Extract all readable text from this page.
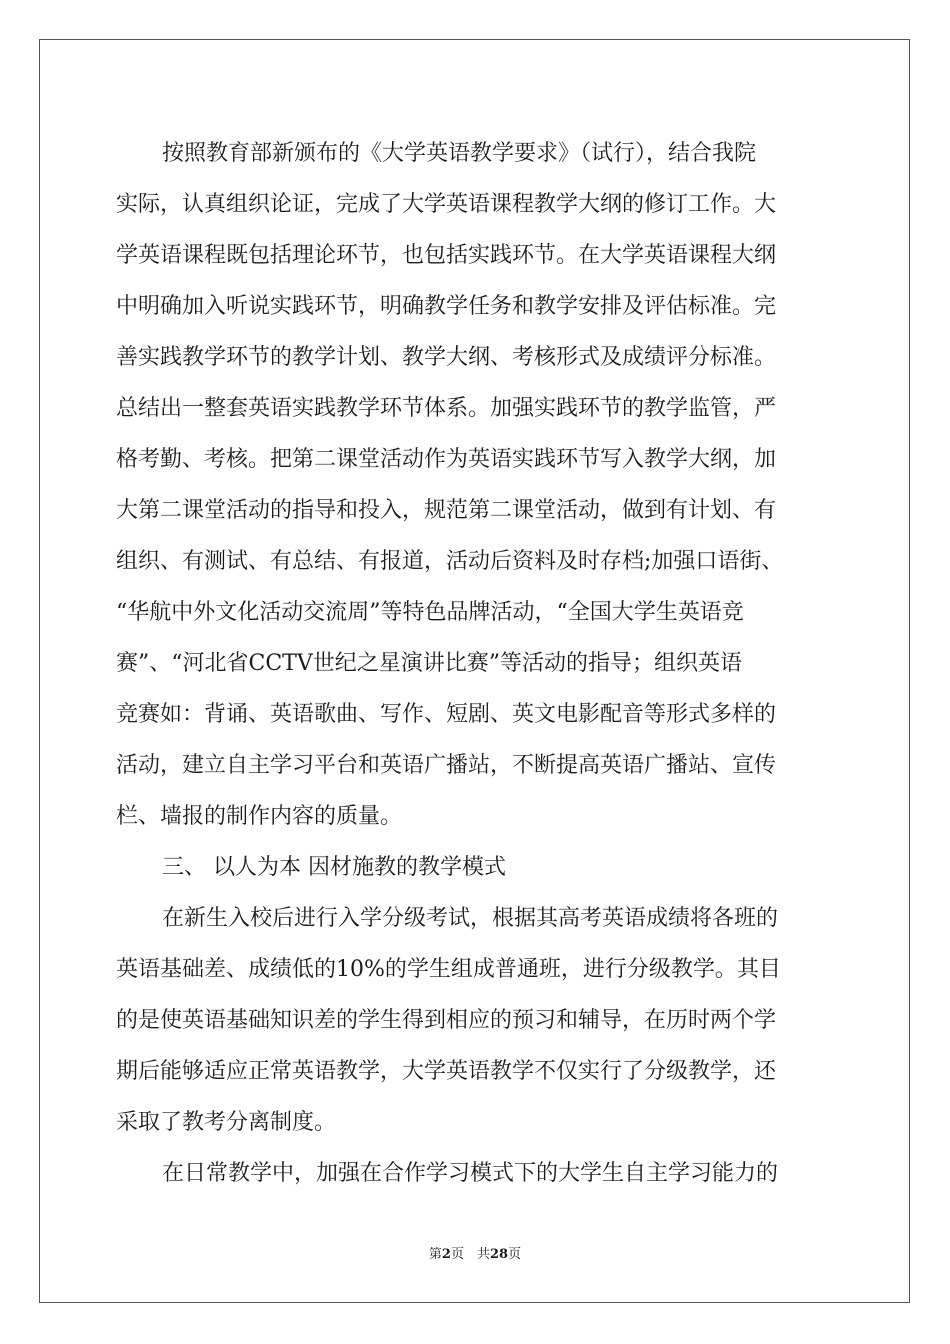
按照教育部新颁布的《大学英语教学要求》（试行），结合我院
实际，认真组织论证，完成了大学英语课程教学大纲的修订工作。大
学英语课程既包括理论环节，也包括实践环节。在大学英语课程大纲
中明确加入听说实践环节，明确教学任务和教学安排及评估标准。完
善实践教学环节的教学计划、教学大纲、考核形式及成绩评分标准。
总结出一整套英语实践教学环节体系。加强实践环节的教学监管，严
格考勤、考核。把第二课堂活动作为英语实践环节写入教学大纲，加
大第二课堂活动的指导和投入，规范第二课堂活动，做到有计划、有
组织、有测试、有总结、有报道，活动后资料及时存档;加强口语街、
“华航中外文化活动交流周”等特色品牌活动，“全国大学生英语竞
赛”、“河北省CCTV世纪之星演讲比赛”等活动的指导；组织英语
竞赛如：背诵、英语歌曲、写作、短剧、英文电影配音等形式多样的
活动，建立自主学习平台和英语广播站，不断提高英语广播站、宣传
栏、墙报的制作内容的质量。
三、 以人为本 因材施教的教学模式
在新生入校后进行入学分级考试，根据其高考英语成绩将各班的
英语基础差、成绩低的10%的学生组成普通班，进行分级教学。其目
的是使英语基础知识差的学生得到相应的预习和辅导，在历时两个学
期后能够适应正常英语教学，大学英语教学不仅实行了分级教学，还
采取了教考分离制度。
在日常教学中，加强在合作学习模式下的大学生自主学习能力的
第2页　共28页
